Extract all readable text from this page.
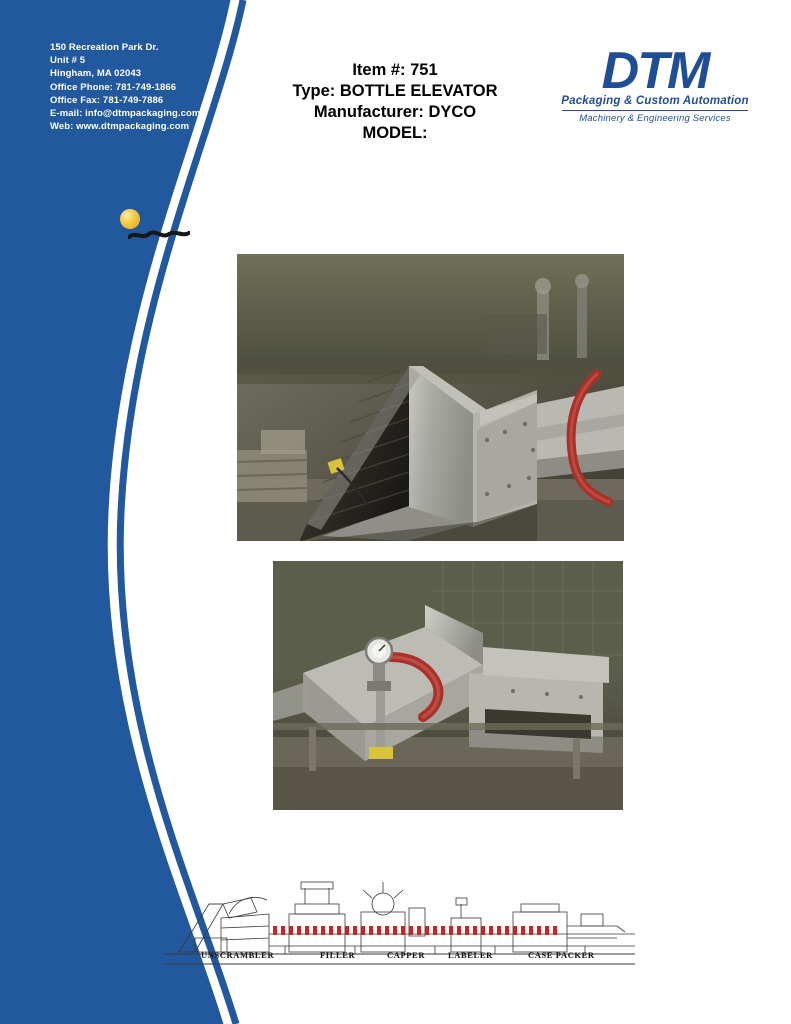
150 Recreation Park Dr.
Unit # 5
Hingham, MA 02043
Office Phone: 781-749-1866
Office Fax: 781-749-7886
E-mail: info@dtmpackaging.com
Web: www.dtmpackaging.com
Item #: 751
Type: BOTTLE ELEVATOR
Manufacturer: DYCO
MODEL:
DTM
Packaging & Custom Automation
Machinery & Engineering Services
UNSCRAMBLER	FILLER	CAPPER	LABELER	CASE PACKER
